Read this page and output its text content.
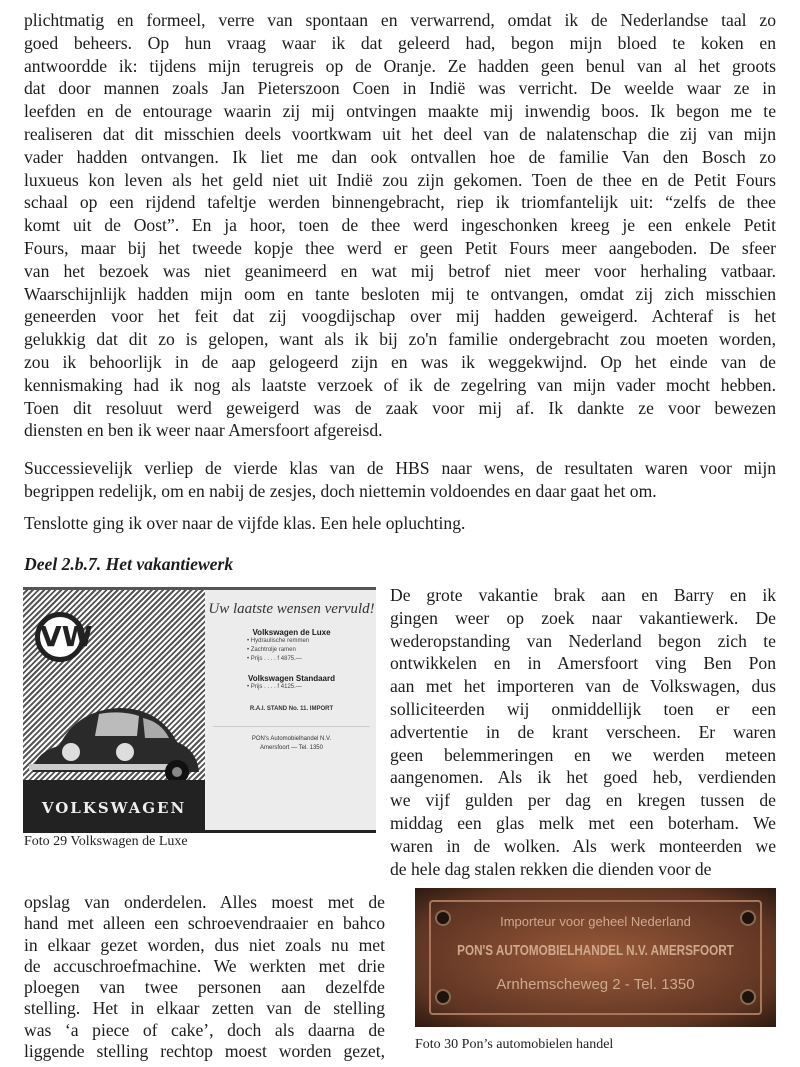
plichtmatig en formeel, verre van spontaan en verwarrend, omdat ik de Nederlandse taal zo
goed beheers. Op hun vraag waar ik dat geleerd had, begon mijn bloed te koken en
antwoordde ik: tijdens mijn terugreis op de Oranje. Ze hadden geen benul van al het groots
dat door mannen zoals Jan Pieterszoon Coen in Indië was verricht. De weelde waar ze in
leefden en de entourage waarin zij mij ontvingen maakte mij inwendig boos. Ik begon me te
realiseren dat dit misschien deels voortkwam uit het deel van de nalatenschap die zij van mijn
vader hadden ontvangen. Ik liet me dan ook ontvallen hoe de familie Van den Bosch zo
luxueus kon leven als het geld niet uit Indië zou zijn gekomen. Toen de thee en de Petit Fours
schaal op een rijdend tafeltje werden binnengebracht, riep ik triomfantelijk uit: “zelfs de thee
komt uit de Oost”. En ja hoor, toen de thee werd ingeschonken kreeg je een enkele Petit
Fours, maar bij het tweede kopje thee werd er geen Petit Fours meer aangeboden. De sfeer
van het bezoek was niet geanimeerd en wat mij betrof niet meer voor herhaling vatbaar.
Waarschijnlijk hadden mijn oom en tante besloten mij te ontvangen, omdat zij zich misschien
geneerden voor het feit dat zij voogdijschap over mij hadden geweigerd. Achteraf is het
gelukkig dat dit zo is gelopen, want als ik bij zo'n familie ondergebracht zou moeten worden,
zou ik behoorlijk in de aap gelogeerd zijn en was ik weggekwijnd. Op het einde van de
kennismaking had ik nog als laatste verzoek of ik de zegelring van mijn vader mocht hebben.
Toen dit resoluut werd geweigerd was de zaak voor mij af. Ik dankte ze voor bewezen
diensten en ben ik weer naar Amersfoort afgereisd.
Successievelijk verliep de vierde klas van de HBS naar wens, de resultaten waren voor mijn
begrippen redelijk, om en nabij de zesjes, doch niettemin voldoendes en daar gaat het om.
Tenslotte ging ik over naar de vijfde klas. Een hele opluchting.
Deel 2.b.7. Het vakantiewerk
VW
VOLKSWAGEN
Uw laatste wensen vervuld!
Volkswagen de Luxe
• Hydraulische remmen
• Zachtrolje ramen
• Prijs . . . . f 4875.—
Volkswagen Standaard
• Prijs . . . . f 4125.—
R.A.I. STAND No. 11. IMPORT
PON's Automobielhandel N.V.
Amersfoort — Tel. 1350
Foto 29 Volkswagen de Luxe
De grote vakantie brak aan en Barry en ik
gingen weer op zoek naar vakantiewerk. De
wederopstanding van Nederland begon zich te
ontwikkelen en in Amersfoort ving Ben Pon
aan met het importeren van de Volkswagen, dus
solliciteerden wij onmiddellijk toen er een
advertentie in de krant verscheen. Er waren
geen belemmeringen en we werden meteen
aangenomen. Als ik het goed heb, verdienden
we vijf gulden per dag en kregen tussen de
middag een glas melk met een boterham. We
waren in de wolken. Als werk monteerden we
de hele dag stalen rekken die dienden voor de
opslag van onderdelen. Alles moest met de
hand met alleen een schroevendraaier en bahco
in elkaar gezet worden, dus niet zoals nu met
de accuschroefmachine. We werkten met drie
ploegen van twee personen aan dezelfde
stelling. Het in elkaar zetten van de stelling
was ‘a piece of cake’, doch als daarna de
liggende stelling rechtop moest worden gezet,
Importeur voor geheel Nederland
PON'S AUTOMOBIELHANDEL N.V. AMERSFOORT
Arnhemscheweg 2 - Tel. 1350
Foto 30 Pon’s automobielen handel
